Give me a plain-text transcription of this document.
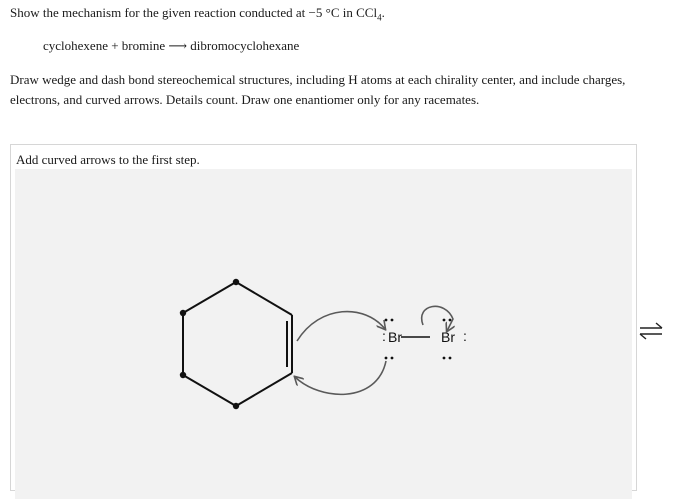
Show the mechanism for the given reaction conducted at −5 °C in CCl$_4$.
cyclohexene + bromine ⟶ dibromocyclohexane
Draw wedge and dash bond stereochemical structures, including H atoms at each chirality center, and include charges, electrons, and curved arrows. Details count. Draw one enantiomer only for any racemates.
Add curved arrows to the first step.
: Br	Br :
